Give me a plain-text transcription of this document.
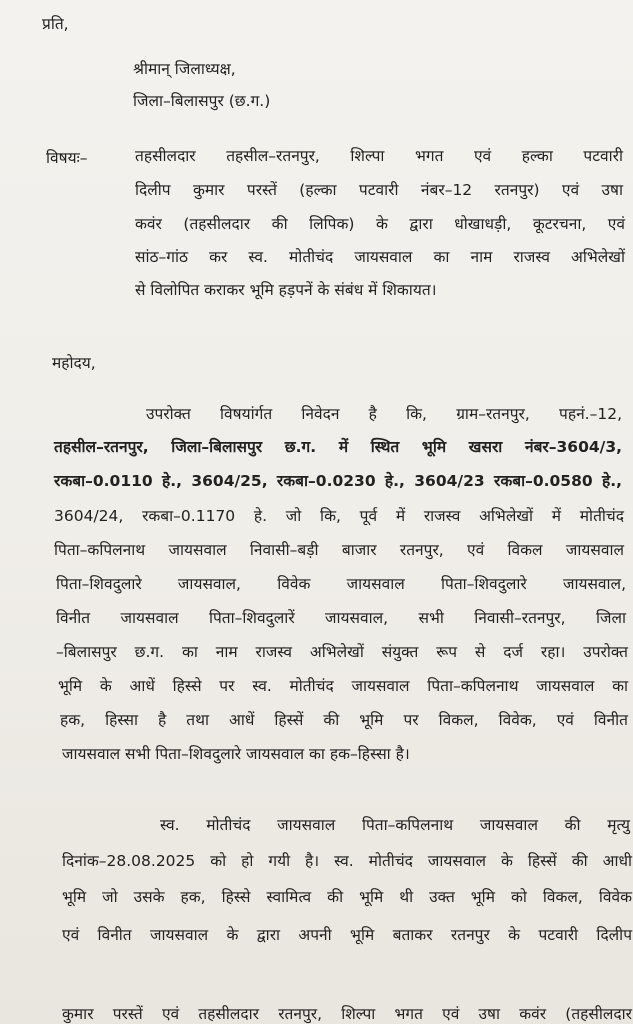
प्रति,
श्रीमान् जिलाध्यक्ष,
जिला–बिलासपुर (छ.ग.)
विषयः–	तहसीलदार तहसील–रतनपुर, शिल्पा भगत एवं हल्का पटवारी
दिलीप कुमार परस्तें (हल्का पटवारी नंबर–12 रतनपुर) एवं उषा
कवंर (तहसीलदार की लिपिक) के द्वारा धोखाधड़ी, कूटरचना, एवं
सांठ–गांठ कर स्व. मोतीचंद जायसवाल का नाम राजस्व अभिलेखों
से विलोपित कराकर भूमि हड़पनें के संबंध में शिकायत।
महोदय,
उपरोक्त विषयांर्गत निवेदन है कि, ग्राम–रतनपुर, पहनं.–12,
तहसील–रतनपुर, जिला–बिलासपुर छ.ग. में स्थित भूमि खसरा नंबर–3604/3,
रकबा–0.0110 हे., 3604/25, रकबा–0.0230 हे., 3604/23 रकबा–0.0580 हे.,
3604/24, रकबा–0.1170 हे. जो कि, पूर्व में राजस्व अभिलेखों में मोतीचंद
पिता–कपिलनाथ जायसवाल निवासी–बड़ी बाजार रतनपुर, एवं विकल जायसवाल
पिता–शिवदुलारे जायसवाल, विवेक जायसवाल पिता–शिवदुलारे जायसवाल,
विनीत जायसवाल पिता–शिवदुलारें जायसवाल, सभी निवासी–रतनपुर, जिला
–बिलासपुर छ.ग. का नाम राजस्व अभिलेखों संयुक्त रूप से दर्ज रहा। उपरोक्त
भूमि के आधें हिस्से पर स्व. मोतीचंद जायसवाल पिता–कपिलनाथ जायसवाल का
हक, हिस्सा है तथा आधें हिस्सें की भूमि पर विकल, विवेक, एवं विनीत
जायसवाल सभी पिता–शिवदुलारे जायसवाल का हक–हिस्सा है।
स्व. मोतीचंद जायसवाल पिता–कपिलनाथ जायसवाल की मृत्यु
दिनांक–28.08.2025 को हो गयी है। स्व. मोतीचंद जायसवाल के हिस्सें की आधी
भूमि जो उसके हक, हिस्से स्वामित्व की भूमि थी उक्त भूमि को विकल, विवेक
एवं विनीत जायसवाल के द्वारा अपनी भूमि बताकर रतनपुर के पटवारी दिलीप
कुमार परस्तें एवं तहसीलदार रतनपुर, शिल्पा भगत एवं उषा कवंर (तहसीलदार
